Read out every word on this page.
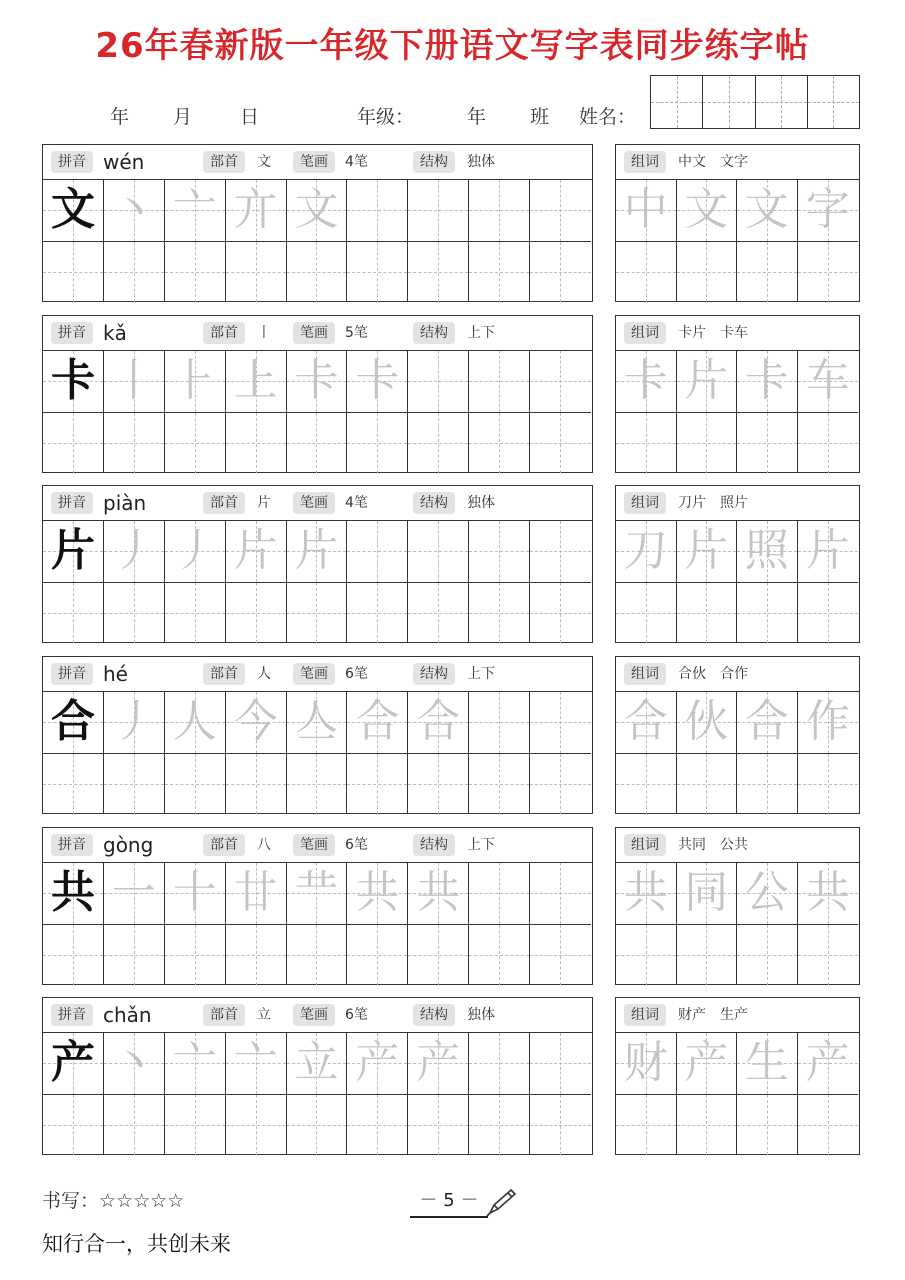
26年春新版一年级下册语文写字表同步练字帖
年 月	日	年级：	年 班 姓名：
拼音 wén	部首	文	笔画	4笔	结构	独体
文 丶 亠 亣 文
组词	中文　文字
中 文 文 字
拼音 kǎ	部首	丨	笔画	5笔	结构	上下
卡 丨 ⺊ 上 卡 卡
组词	卡片　卡车
卡 片 卡 车
拼音 piàn	部首	片	笔画	4笔	结构	独体
片 丿 丿 片 片
组词	刀片　照片
刀 片 照 片
拼音 hé	部首	人	笔画	6笔	结构	上下
合 丿 人 今 亼 合 合
组词	合伙　合作
合 伙 合 作
拼音 gòng	部首	八	笔画	6笔	结构	上下
共 一 十 廿 龷 共 共
组词	共同　公共
共 同 公 共
拼音 chǎn	部首	立	笔画	6笔	结构	独体
产 丶 亠 亠 立 产 产
组词	财产　生产
财 产 生 产
书写：☆☆☆☆☆	－ 5 －
知行合一，共创未来
